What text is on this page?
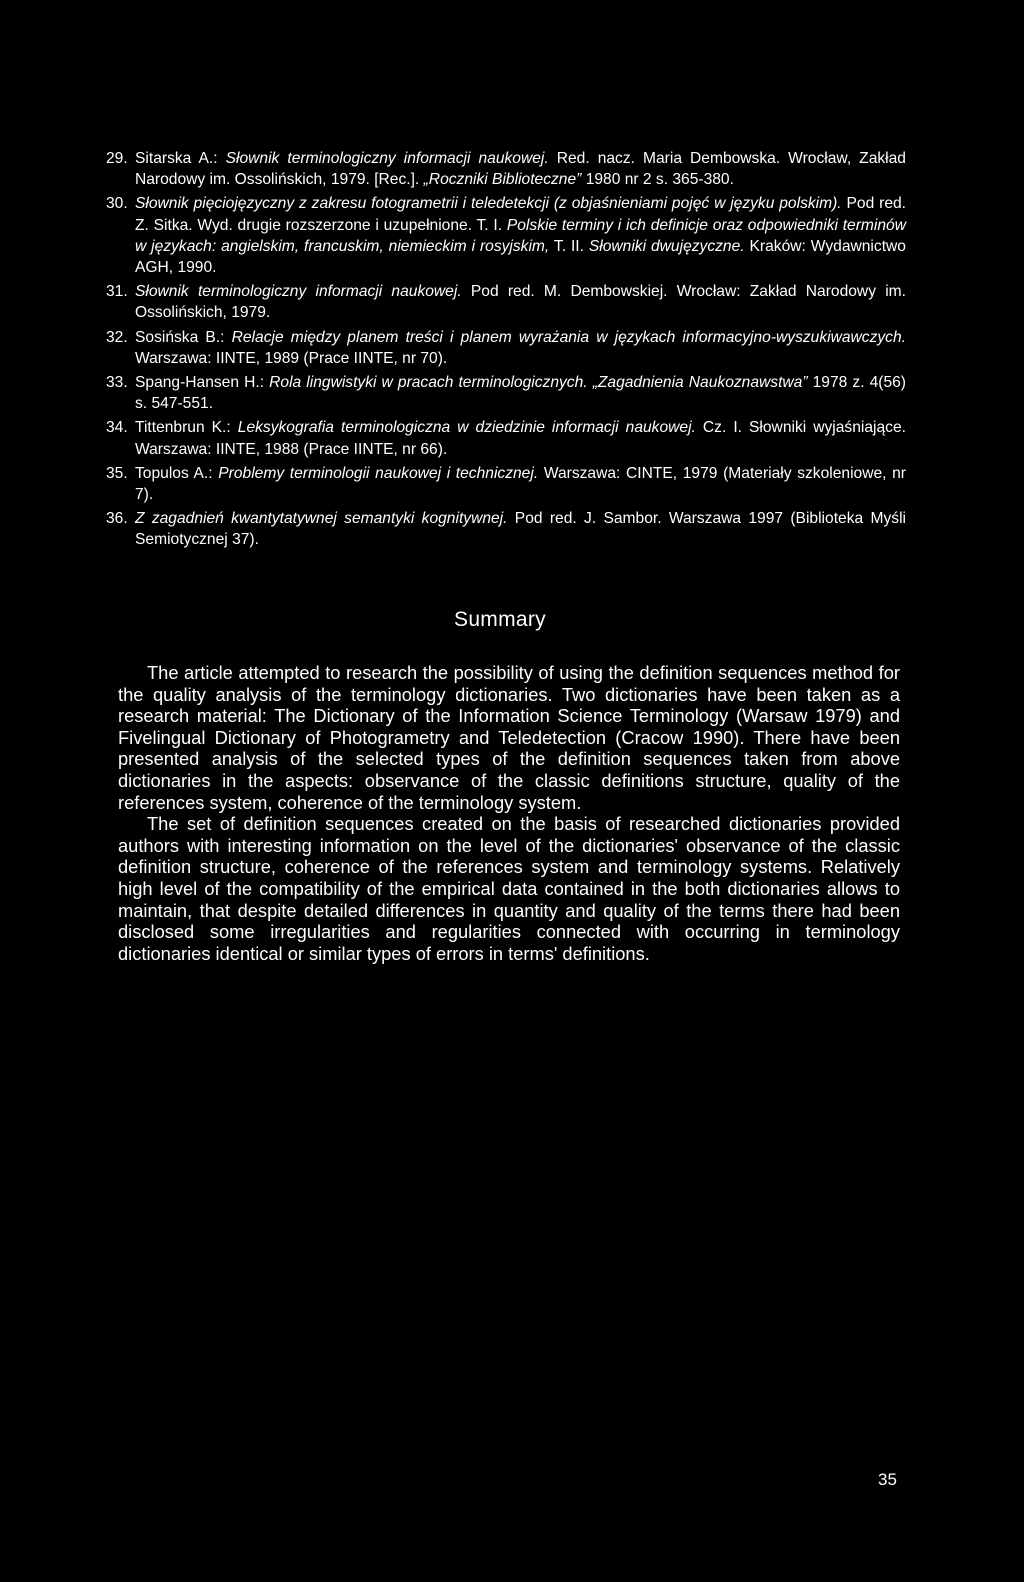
29. Sitarska A.: Słownik terminologiczny informacji naukowej. Red. nacz. Maria Dembowska. Wrocław, Zakład Narodowy im. Ossolińskich, 1979. [Rec.]. „Roczniki Biblioteczne” 1980 nr 2 s. 365-380.
30. Słownik pięciojęzyczny z zakresu fotogrametrii i teledetekcji (z objaśnieniami pojęć w języku polskim). Pod red. Z. Sitka. Wyd. drugie rozszerzone i uzupełnione. T. I. Polskie terminy i ich definicje oraz odpowiedniki terminów w językach: angielskim, francuskim, niemieckim i rosyjskim, T. II. Słowniki dwujęzyczne. Kraków: Wydawnictwo AGH, 1990.
31. Słownik terminologiczny informacji naukowej. Pod red. M. Dembowskiej. Wrocław: Zakład Narodowy im. Ossolińskich, 1979.
32. Sosińska B.: Relacje między planem treści i planem wyrażania w językach informacyjno-wyszukiwawczych. Warszawa: IINTE, 1989 (Prace IINTE, nr 70).
33. Spang-Hansen H.: Rola lingwistyki w pracach terminologicznych. „Zagadnienia Naukoznawstwa” 1978 z. 4(56) s. 547-551.
34. Tittenbrun K.: Leksykografia terminologiczna w dziedzinie informacji naukowej. Cz. I. Słowniki wyjaśniające. Warszawa: IINTE, 1988 (Prace IINTE, nr 66).
35. Topulos A.: Problemy terminologii naukowej i technicznej. Warszawa: CINTE, 1979 (Materiały szkoleniowe, nr 7).
36. Z zagadnień kwantytatywnej semantyki kognitywnej. Pod red. J. Sambor. Warszawa 1997 (Biblioteka Myśli Semiotycznej 37).
Summary

The article attempted to research the possibility of using the definition sequences method for the quality analysis of the terminology dictionaries. Two dictionaries have been taken as a research material: The Dictionary of the Information Science Terminology (Warsaw 1979) and Fivelingual Dictionary of Photogrametry and Teledetection (Cracow 1990). There have been presented analysis of the selected types of the definition sequences taken from above dictionaries in the aspects: observance of the classic definitions structure, quality of the references system, coherence of the terminology system.

The set of definition sequences created on the basis of researched dictionaries provided authors with interesting information on the level of the dictionaries' observance of the classic definition structure, coherence of the references system and terminology systems. Relatively high level of the compatibility of the empirical data contained in the both dictionaries allows to maintain, that despite detailed differences in quantity and quality of the terms there had been disclosed some irregularities and regularities connected with occurring in terminology dictionaries identical or similar types of errors in terms' definitions.

35
